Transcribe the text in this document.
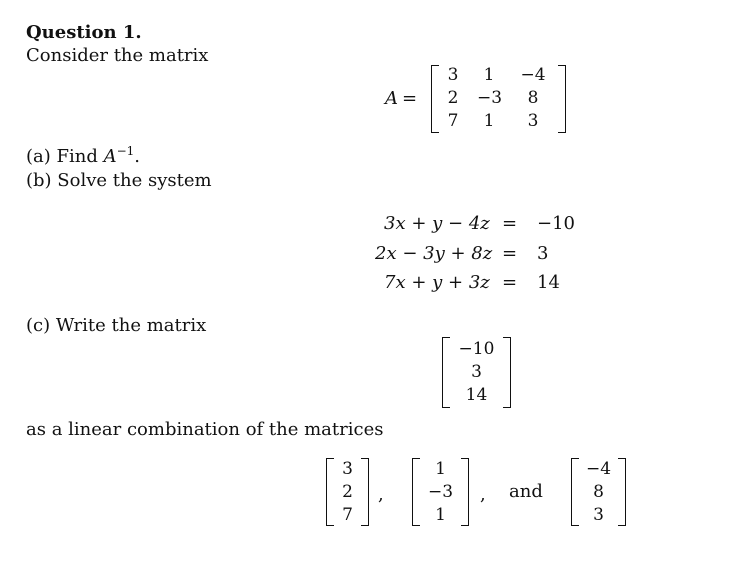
Question 1.
Consider the matrix
A =
3	1	−4
2 −3	8
7	1	3
(a) Find $A^{-1}$.
(b) Solve the system
3x + y − 4z = −10
2x − 3y + 8z = 3
7x + y + 3z = 14
(c) Write the matrix
−10
3
14
as a linear combination of the matrices
3
2
7
,
1
−3
1
, and
−4
8
3
